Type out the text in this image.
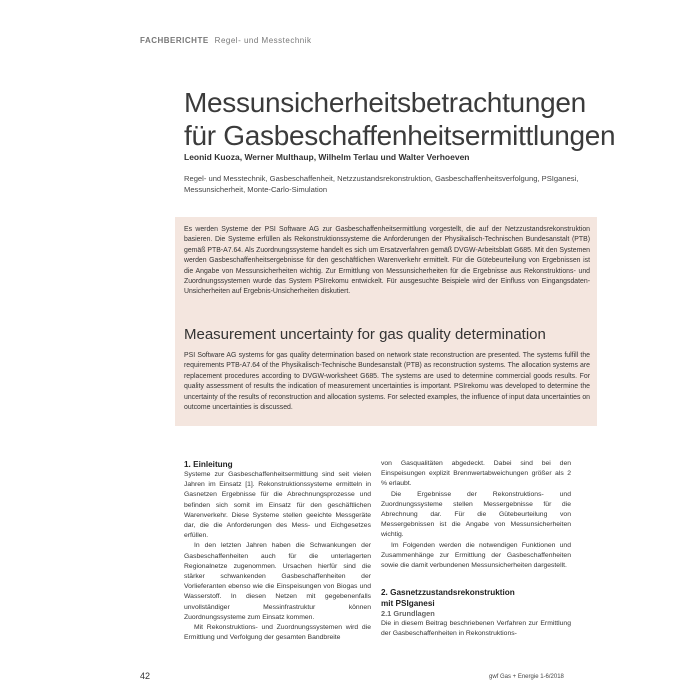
FACHBERICHTE Regel- und Messtechnik
Messunsicherheitsbetrachtungen
für Gasbeschaffenheitsermittlungen
Leonid Kuoza, Werner Multhaup, Wilhelm Terlau und Walter Verhoeven
Regel- und Messtechnik, Gasbeschaffenheit, Netzzustandsrekonstruktion, Gasbeschaffenheitsverfolgung, PSIganesi, Messunsicherheit, Monte-Carlo-Simulation
Es werden Systeme der PSI Software AG zur Gasbeschaffenheitsermittlung vorgestellt, die auf der Netzzustandsrekonstruktion basieren. Die Systeme erfüllen als Rekonstruktionssysteme die Anforderungen der Physikalisch-Technischen Bundesanstalt (PTB) gemäß PTB-A7.64. Als Zuordnungssysteme handelt es sich um Ersatzverfahren gemäß DVGW-Arbeitsblatt G685. Mit den Systemen werden Gasbeschaffenheitsergebnisse für den geschäftlichen Warenverkehr ermittelt. Für die Gütebeurteilung von Ergebnissen ist die Angabe von Messunsicherheiten wichtig. Zur Ermittlung von Messunsicherheiten für die Ergebnisse aus Rekonstruktions- und Zuordnungssystemen wurde das System PSIrekomu entwickelt. Für ausgesuchte Beispiele wird der Einfluss von Eingangsdaten-Unsicherheiten auf Ergebnis-Unsicherheiten diskutiert.
Measurement uncertainty for gas quality determination
PSI Software AG systems for gas quality determination based on network state reconstruction are presented. The systems fulfill the requirements PTB-A7.64 of the Physikalisch-Technische Bundesanstalt (PTB) as reconstruction systems. The allocation systems are replacement procedures according to DVGW-worksheet G685. The systems are used to determine commercial goods results. For quality assessment of results the indication of measurement uncertainties is important. PSIrekomu was developed to determine the uncertainty of the results of reconstruction and allocation systems. For selected examples, the influence of input data uncertainties on outcome uncertainties is discussed.
1. Einleitung

Systeme zur Gasbeschaffenheitsermittlung sind seit vielen Jahren im Einsatz [1]. Rekonstruktionssysteme ermitteln in Gasnetzen Ergebnisse für die Abrechnungsprozesse und befinden sich somit im Einsatz für den geschäftlichen Warenverkehr. Diese Systeme stellen geeichte Messgeräte dar, die die Anforderungen des Mess- und Eichgesetzes erfüllen.

In den letzten Jahren haben die Schwankungen der Gasbeschaffenheiten auch für die unterlagerten Regionalnetze zugenommen. Ursachen hierfür sind die stärker schwankenden Gasbeschaffenheiten der Vorlieferanten ebenso wie die Einspeisungen von Biogas und Wasserstoff. In diesen Netzen mit gegebenenfalls unvollständiger Messinfrastruktur können Zuordnungssysteme zum Einsatz kommen.

Mit Rekonstruktions- und Zuordnungssystemen wird die Ermittlung und Verfolgung der gesamten Bandbreite

von Gasqualitäten abgedeckt. Dabei sind bei den Einspeisungen explizit Brennwertabweichungen größer als 2 % erlaubt.

Die Ergebnisse der Rekonstruktions- und Zuordnungssysteme stellen Messergebnisse für die Abrechnung dar. Für die Gütebeurteilung von Messergebnissen ist die Angabe von Messunsicherheiten wichtig.

Im Folgenden werden die notwendigen Funktionen und Zusammenhänge zur Ermittlung der Gasbeschaffenheiten sowie die damit verbundenen Messunsicherheiten dargestellt.

2. Gasnetzzustandsrekonstruktion
mit PSIganesi
2.1 Grundlagen

Die in diesem Beitrag beschriebenen Verfahren zur Ermittlung der Gasbeschaffenheiten in Rekonstruktions-

42	gwf Gas + Energie 1-6/2018
